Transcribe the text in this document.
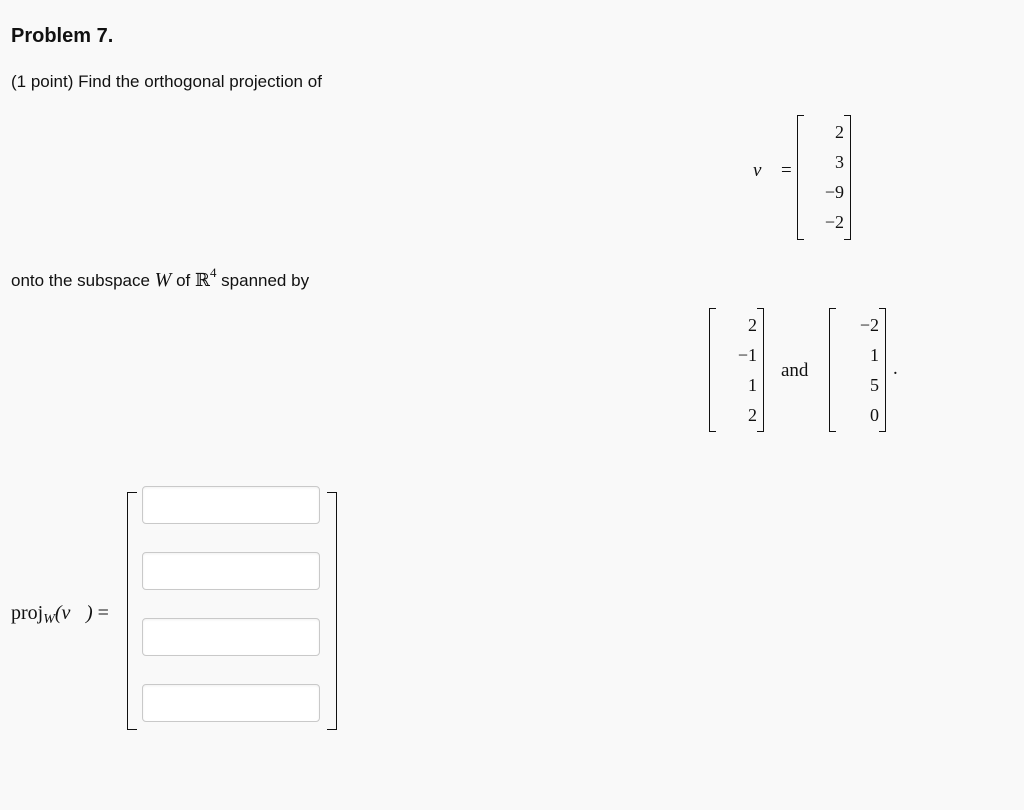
Problem 7.
(1 point) Find the orthogonal projection of
v⃗ =
2
3
−9
−2
onto the subspace W of ℝ$^4$ spanned by
2
−1
1
2
and
−2
1
5
0
.
proj$_W$(v⃗) =
